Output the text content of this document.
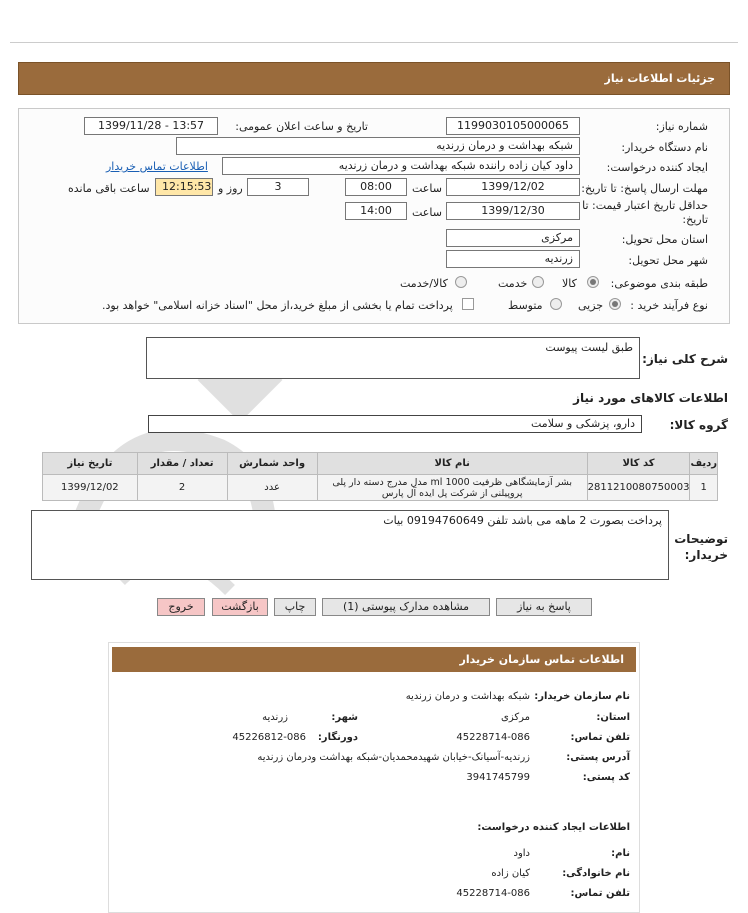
جزئیات اطلاعات نیاز
شماره نیاز:
1199030105000065
تاریخ و ساعت اعلان عمومی:
1399/11/28 - 13:57
نام دستگاه خریدار:
شبکه بهداشت و درمان زرندیه
ایجاد کننده درخواست:
داود کیان زاده راننده شبکه بهداشت و درمان زرندیه
اطلاعات تماس خریدار
مهلت ارسال پاسخ: تا تاریخ:
1399/12/02
ساعت
08:00
3
روز و
12:15:53
ساعت باقی مانده
حداقل تاریخ اعتبار قیمت: تا
تاریخ:
1399/12/30
ساعت
14:00
استان محل تحویل:
مرکزی
شهر محل تحویل:
زرندیه
طبقه بندی موضوعی:
کالا
خدمت
کالا/خدمت
نوع فرآیند خرید :
جزیی
متوسط
پرداخت تمام یا بخشی از مبلغ خرید،از محل "اسناد خزانه اسلامی" خواهد بود.
شرح کلی نیاز:
طبق لیست پیوست
اطلاعات کالاهای مورد نیاز
گروه کالا:
دارو، پزشکی و سلامت
ردیف	کد کالا	نام کالا	واحد شمارش	تعداد / مقدار	تاریخ نیاز
1	2811210080750003	بشر آزمایشگاهی ظرفیت 1000 ml مدل مدرج دسته دار پلی پروپیلنی از شرکت پل ایده آل پارس	عدد	2	1399/12/02
توضیحات
خریدار:
پرداخت بصورت 2 ماهه می باشد تلفن 09194760649 بیات
پاسخ به نیاز
مشاهده مدارک پیوستی (1)
چاپ
بازگشت
خروج
اطلاعات تماس سازمان خریدار
نام سازمان خریدار:
شبکه بهداشت و درمان زرندیه
استان:
مرکزی
شهر:
زرندیه
تلفن تماس:
45228714-086
دورنگار:
45226812-086
آدرس پستی:
زرندیه-آسیانک-خیابان شهیدمحمدیان-شبکه بهداشت ودرمان زرندیه
کد پستی:
3941745799
اطلاعات ایجاد کننده درخواست:
نام:
داود
نام خانوادگی:
کیان زاده
تلفن تماس:
45228714-086
